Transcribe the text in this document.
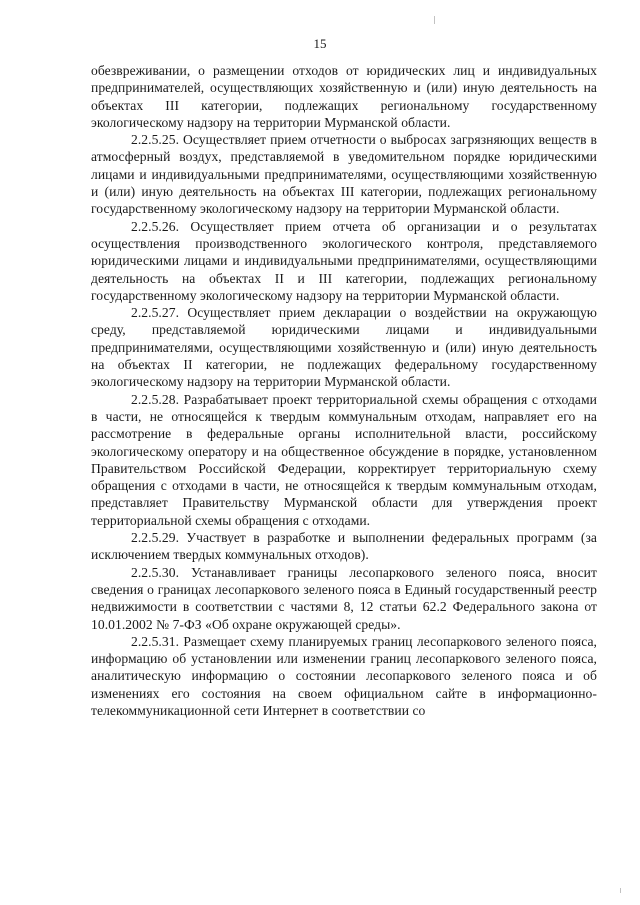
15

обезвреживании, о размещении отходов от юридических лиц и индивидуальных предпринимателей, осуществляющих хозяйственную и (или) иную деятельность на объектах III категории, подлежащих региональному государственному экологическому надзору на территории Мурманской области.

2.2.5.25. Осуществляет прием отчетности о выбросах загрязняющих веществ в атмосферный воздух, представляемой в уведомительном порядке юридическими лицами и индивидуальными предпринимателями, осуществляющими хозяйственную и (или) иную деятельность на объектах III категории, подлежащих региональному государственному экологическому надзору на территории Мурманской области.

2.2.5.26. Осуществляет прием отчета об организации и о результатах осуществления производственного экологического контроля, представляемого юридическими лицами и индивидуальными предпринимателями, осуществляющими деятельность на объектах II и III категории, подлежащих региональному государственному экологическому надзору на территории Мурманской области.

2.2.5.27. Осуществляет прием декларации о воздействии на окружающую среду, представляемой юридическими лицами и индивидуальными предпринимателями, осуществляющими хозяйственную и (или) иную деятельность на объектах II категории, не подлежащих федеральному государственному экологическому надзору на территории Мурманской области.

2.2.5.28. Разрабатывает проект территориальной схемы обращения с отходами в части, не относящейся к твердым коммунальным отходам, направляет его на рассмотрение в федеральные органы исполнительной власти, российскому экологическому оператору и на общественное обсуждение в порядке, установленном Правительством Российской Федерации, корректирует территориальную схему обращения с отходами в части, не относящейся к твердым коммунальным отходам, представляет Правительству Мурманской области для утверждения проект территориальной схемы обращения с отходами.

2.2.5.29. Участвует в разработке и выполнении федеральных программ (за исключением твердых коммунальных отходов).

2.2.5.30. Устанавливает границы лесопаркового зеленого пояса, вносит сведения о границах лесопаркового зеленого пояса в Единый государственный реестр недвижимости в соответствии с частями 8, 12 статьи 62.2 Федерального закона от 10.01.2002 № 7-ФЗ «Об охране окружающей среды».

2.2.5.31. Размещает схему планируемых границ лесопаркового зеленого пояса, информацию об установлении или изменении границ лесопаркового зеленого пояса, аналитическую информацию о состоянии лесопаркового зеленого пояса и об изменениях его состояния на своем официальном сайте в информационно-телекоммуникационной сети Интернет в соответствии со
